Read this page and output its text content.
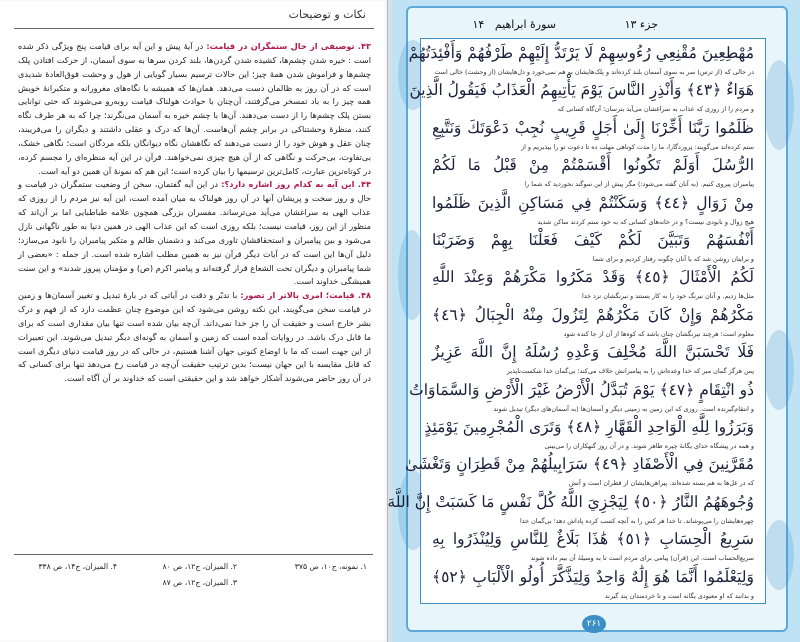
نکات و توضیحات

۴۳. توصیفی از حال ستمگران در قیامت: در آیهٔ پیش و این آیه برای قیامت پنج ویژگی ذکر شده است : خیره شدن چشم‌ها، کشیده شدن گردن‌ها، بلند کردن سرها به سوی آسمان، از حرکت افتادن پلک چشم‌ها و فراموش شدن همهٔ چیز؛ این حالات ترسیم بسیار گویایی از هول و وحشت فوق‌العادهٔ شدیدی است که در آن روز به ظالمان دست می‌دهد. همان‌ها که همیشه با نگاه‌های مغرورانه و متکبرانهٔ خویش همه چیز را به باد تمسخر می‌گرفتند، آن‌چنان با حوادث هولناک قیامت روبه‌رو می‌شوند که حتی توانایی بستن پلک چشم‌ها را از دست می‌دهند. آن‌ها با چشم خیره به آسمان می‌نگرند؛ چرا که به هر طرف نگاه کنند، منظرهٔ وحشتناکی در برابر چشم آن‌هاست. آن‌ها که درک و عقلی داشتند و دیگران را می‌فریبند، چنان عقل و هوش خود را از دست می‌دهند که نگاهشان نگاه دیوانگان بلکه مردگان است؛ نگاهی خشک، بی‌تفاوت، بی‌حرکت و نگاهی که از آن هیچ چیزی نمی‌خواهند. قرآن در این آیه منظره‌ای را مجسم کرده، در کوتاه‌ترین عبارت، کامل‌ترین ترسیمها را بیان کرده است؛ این هم که نمونهٔ آن همین دو آیه است.

۴۴. این آیه به کدام روز اشاره دارد؟: در این آیه گفتمان، سخن از وضعیت ستمگران در قیامت و حال و روز سخت و پریشان آنها در آن روز هولناک به میان آمده است، این آیه نیز مردم را از روزی که عذاب الهی به سراغشان می‌آید می‌ترساند. مفسران بزرگی همچون علامه طباطبایی اما بر آن‌اند که منظور از این روز، قیامت نیست؛ بلکه روزی است که این عذاب الهی در همین دنیا به طور ناگهانی نازل می‌شود و بین پیامبران و استحقاقشان تاوری می‌کند و دشمنان ظالم و متکبر پیامبران را نابود می‌سازد؛ دلیل آن‌ها این است که در آیات دیگر قرآن نیز به همین مطلب اشاره شده است. از جمله : «بعضی از شما پیامبران و دیگران تحت الشعاع قرار گرفته‌اند و پیامبر اکرم (ص) و مؤمنان پیروز شدند» و این سنت همیشگی خداوند است.

۴۸. قیامت؛ امری بالاتر از تصور: با تدبّر و دقت در آیاتی که در بارهٔ تبدیل و تغییر آسمان‌ها و زمین در قیامت سخن می‌گویند، این نکته روشن می‌شود که این موضوع چنان عظمت دارد که از فهم و درک بشر خارج است و حقیقت آن را جز خدا نمی‌داند. آن‌چه بیان شده است تنها بیان مقداری است که برای ما قابل درک باشد. در روایات آمده است که زمین و آسمان به گونه‌ای دیگر تبدیل می‌شوند. این تعبیرات از این جهت است که ما با اوضاع کنونی جهان آشنا هستیم، در حالی که در روز قیامت دنیای دیگری است که قابل مقایسه با این جهان نیست؛ بدین ترتیب حقیقت آن‌چه در قیامت رخ می‌دهد تنها برای کسانی که در آن روز حاضر می‌شوند آشکار خواهد شد و این حقیقتی است که خداوند بر آن آگاه است.

۱. نمونه، ج۱۰، ص ۳۷۵
۲. المیزان، ج۱۲، ص ۸۰
۳. المیزان، ج۱۲، ص ۸۷
۴. المیزان، ج۱۴، ص ۳۳۸
جزء ۱۳
سورهٔ ابراهیم   ۱۴
مُهْطِعِينَ مُقْنِعِي رُءُوسِهِمْ لَا يَرْتَدُّ إِلَيْهِمْ طَرْفُهُمْ وَأَفْئِدَتُهُمْ
در حالی که (از ترس) سر به سوی آسمان بلند کرده‌اند و پلک‌هایشان به هم نمی‌خورد و دل‌هایشان (از وحشت) خالی است
هَوَاءٌ ﴿٤٣﴾ وَأَنْذِرِ النَّاسَ يَوْمَ يَأْتِيهِمُ الْعَذَابُ فَيَقُولُ الَّذِينَ
و مردم را از روزی که عذاب به سراغشان می‌آید بترسان؛ آن‌گاه کسانی که
ظَلَمُوا رَبَّنَا أَخِّرْنَا إِلَىٰ أَجَلٍ قَرِيبٍ نُجِبْ دَعْوَتَكَ وَنَتَّبِعِ
ستم کرده‌اند می‌گویند: پروردگارا، ما را مدت کوتاهی مهلت ده تا دعوت تو را بپذیریم و از
الرُّسُلَ أَوَلَمْ تَكُونُوا أَقْسَمْتُمْ مِنْ قَبْلُ مَا لَكُمْ
پیامبران پیروی کنیم. (به آنان گفته می‌شود:) مگر پیش از این سوگند نخوردید که شما را
مِنْ زَوَالٍ ﴿٤٤﴾ وَسَكَنْتُمْ فِي مَسَاكِنِ الَّذِينَ ظَلَمُوا
هیچ زوال و نابودی نیست؟ و در خانه‌های کسانی که به خود ستم کردند ساکن شدید
أَنْفُسَهُمْ وَتَبَيَّنَ لَكُمْ كَيْفَ فَعَلْنَا بِهِمْ وَضَرَبْنَا
و برایتان روشن شد که با آنان چگونه رفتار کردیم و برای شما
لَكُمُ الْأَمْثَالَ ﴿٤٥﴾ وَقَدْ مَكَرُوا مَكْرَهُمْ وَعِنْدَ اللَّهِ
مثل‌ها زدیم. و آنان نیرنگ خود را به کار بستند و نیرنگشان نزد خدا
مَكْرُهُمْ وَإِنْ كَانَ مَكْرُهُمْ لِتَزُولَ مِنْهُ الْجِبَالُ ﴿٤٦﴾
معلوم است؛ هرچند نیرنگشان چنان باشد که کوه‌ها از آن از جا کنده شود
فَلَا تَحْسَبَنَّ اللَّهَ مُخْلِفَ وَعْدِهِ رُسُلَهُ إِنَّ اللَّهَ عَزِيزٌ
پس هرگز گمان مبر که خدا وعده‌اش را به پیامبرانش خلاف می‌کند؛ بی‌گمان خدا شکست‌ناپذیر
ذُو انْتِقَامٍ ﴿٤٧﴾ يَوْمَ تُبَدَّلُ الْأَرْضُ غَيْرَ الْأَرْضِ وَالسَّمَاوَاتُ
و انتقام‌گیرنده است. روزی که این زمین به زمینی دیگر و آسمان‌ها (به آسمان‌های دیگر) تبدیل شوند
وَبَرَزُوا لِلَّهِ الْوَاحِدِ الْقَهَّارِ ﴿٤٨﴾ وَتَرَى الْمُجْرِمِينَ يَوْمَئِذٍ
و همه در پیشگاه خدای یگانهٔ چیره ظاهر شوند. و در آن روز گنهکاران را می‌بینی
مُقَرَّنِينَ فِي الْأَصْفَادِ ﴿٤٩﴾ سَرَابِيلُهُمْ مِنْ قَطِرَانٍ وَتَغْشَىٰ
که در غل‌ها به هم بسته شده‌اند. پیراهن‌هایشان از قطران است و آتش
وُجُوهَهُمُ النَّارُ ﴿٥٠﴾ لِيَجْزِيَ اللَّهُ كُلَّ نَفْسٍ مَا كَسَبَتْ إِنَّ اللَّهَ
چهره‌هایشان را می‌پوشاند. تا خدا هر کس را به آنچه کسب کرده پاداش دهد؛ بی‌گمان خدا
سَرِيعُ الْحِسَابِ ﴿٥١﴾ هَٰذَا بَلَاغٌ لِلنَّاسِ وَلِيُنْذَرُوا بِهِ
سریع‌الحساب است. این (قرآن) پیامی برای مردم است تا به وسیلهٔ آن بیم داده شوند
وَلِيَعْلَمُوا أَنَّمَا هُوَ إِلَٰهٌ وَاحِدٌ وَلِيَذَّكَّرَ أُولُو الْأَلْبَابِ ﴿٥٢﴾
و بدانند که او معبودی یگانه است و تا خردمندان پند گیرند
۲۶۱
